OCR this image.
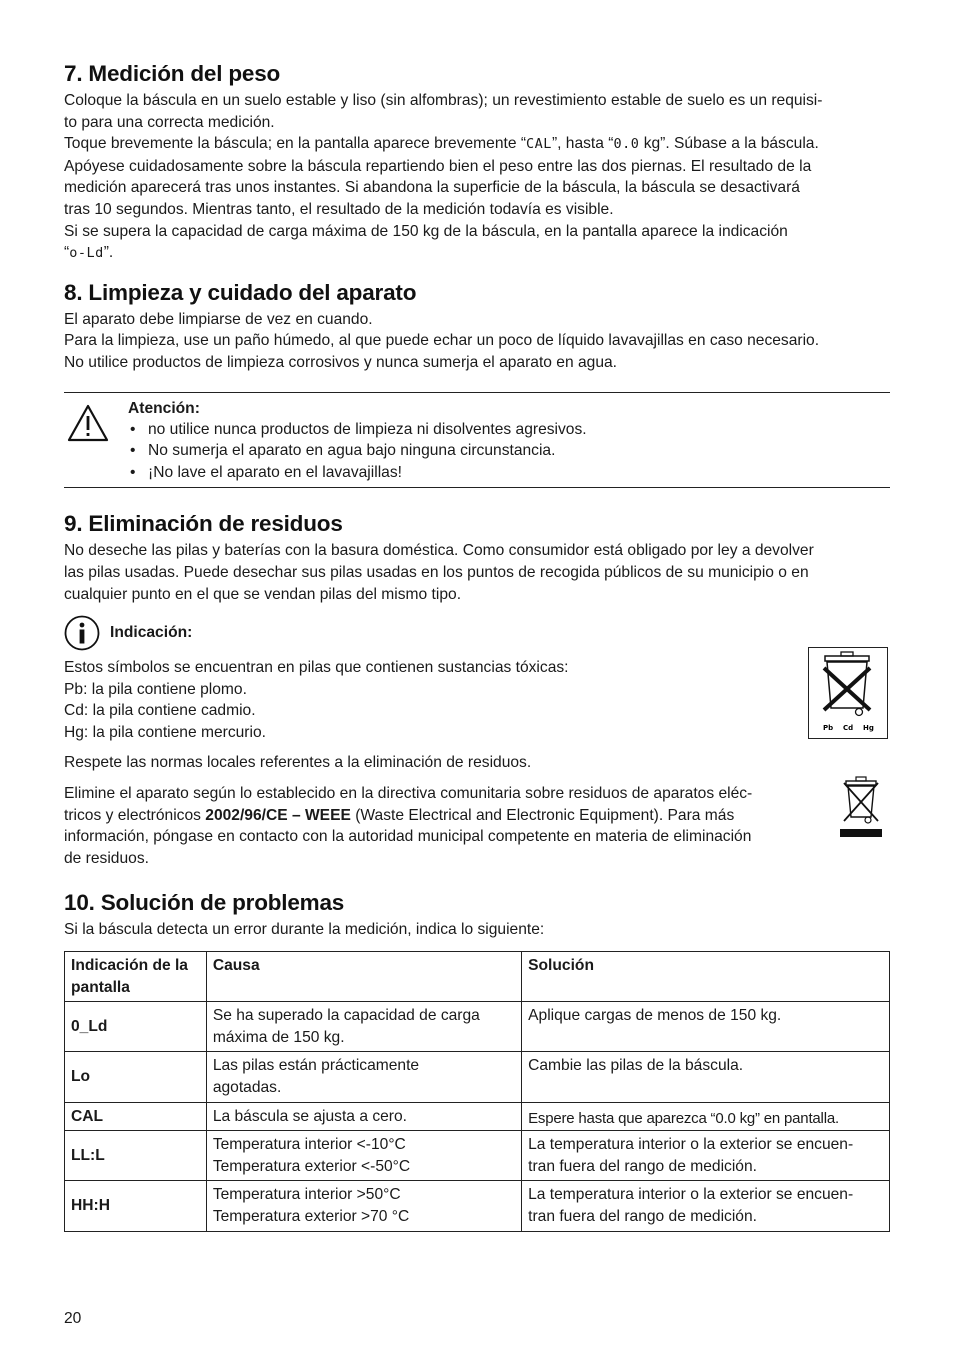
7. Medición del peso

Coloque la báscula en un suelo estable y liso (sin alfombras); un revestimiento estable de suelo es un requisi-
to para una correcta medición.

Toque brevemente la báscula; en la pantalla aparece brevemente “CAL”, hasta “0.0 kg”. Súbase a la báscula.
Apóyese cuidadosamente sobre la báscula repartiendo bien el peso entre las dos piernas. El resultado de la
medición aparecerá tras unos instantes. Si abandona la superficie de la báscula, la báscula se desactivará
tras 10 segundos. Mientras tanto, el resultado de la medición todavía es visible.

Si se supera la capacidad de carga máxima de 150 kg de la báscula, en la pantalla aparece la indicación
“o-Ld”.

8. Limpieza y cuidado del aparato

El aparato debe limpiarse de vez en cuando.
Para la limpieza, use un paño húmedo, al que puede echar un poco de líquido lavavajillas en caso necesario.
No utilice productos de limpieza corrosivos y nunca sumerja el aparato en agua.

Atención:
• no utilice nunca productos de limpieza ni disolventes agresivos.
• No sumerja el aparato en agua bajo ninguna circunstancia.
• ¡No lave el aparato en el lavavajillas!
9. Eliminación de residuos

No deseche las pilas y baterías con la basura doméstica. Como consumidor está obligado por ley a devolver
las pilas usadas. Puede desechar sus pilas usadas en los puntos de recogida públicos de su municipio o en
cualquier punto en el que se vendan pilas del mismo tipo.

Indicación:

Estos símbolos se encuentran en pilas que contienen sustancias tóxicas:
Pb: la pila contiene plomo.
Cd: la pila contiene cadmio.
Hg: la pila contiene mercurio.	Pb Cd Hg

Respete las normas locales referentes a la eliminación de residuos.

Elimine el aparato según lo establecido en la directiva comunitaria sobre residuos de aparatos eléc-
tricos y electrónicos 2002/96/CE – WEEE (Waste Electrical and Electronic Equipment). Para más
información, póngase en contacto con la autoridad municipal competente en materia de eliminación
de residuos.

10. Solución de problemas

Si la báscula detecta un error durante la medición, indica lo siguiente:

Indicación de la pantalla	Causa	Solución
0_Ld	Se ha superado la capacidad de carga
máxima de 150 kg.	Aplique cargas de menos de 150 kg.
Lo	Las pilas están prácticamente
agotadas.	Cambie las pilas de la báscula.
CAL	La báscula se ajusta a cero.	Espere hasta que aparezca “0.0 kg” en pantalla.
LL:L	Temperatura interior <-10°C
Temperatura exterior <-50°C	La temperatura interior o la exterior se encuen-
tran fuera del rango de medición.
HH:H	Temperatura interior >50°C
Temperatura exterior >70 °C	La temperatura interior o la exterior se encuen-
tran fuera del rango de medición.
20
